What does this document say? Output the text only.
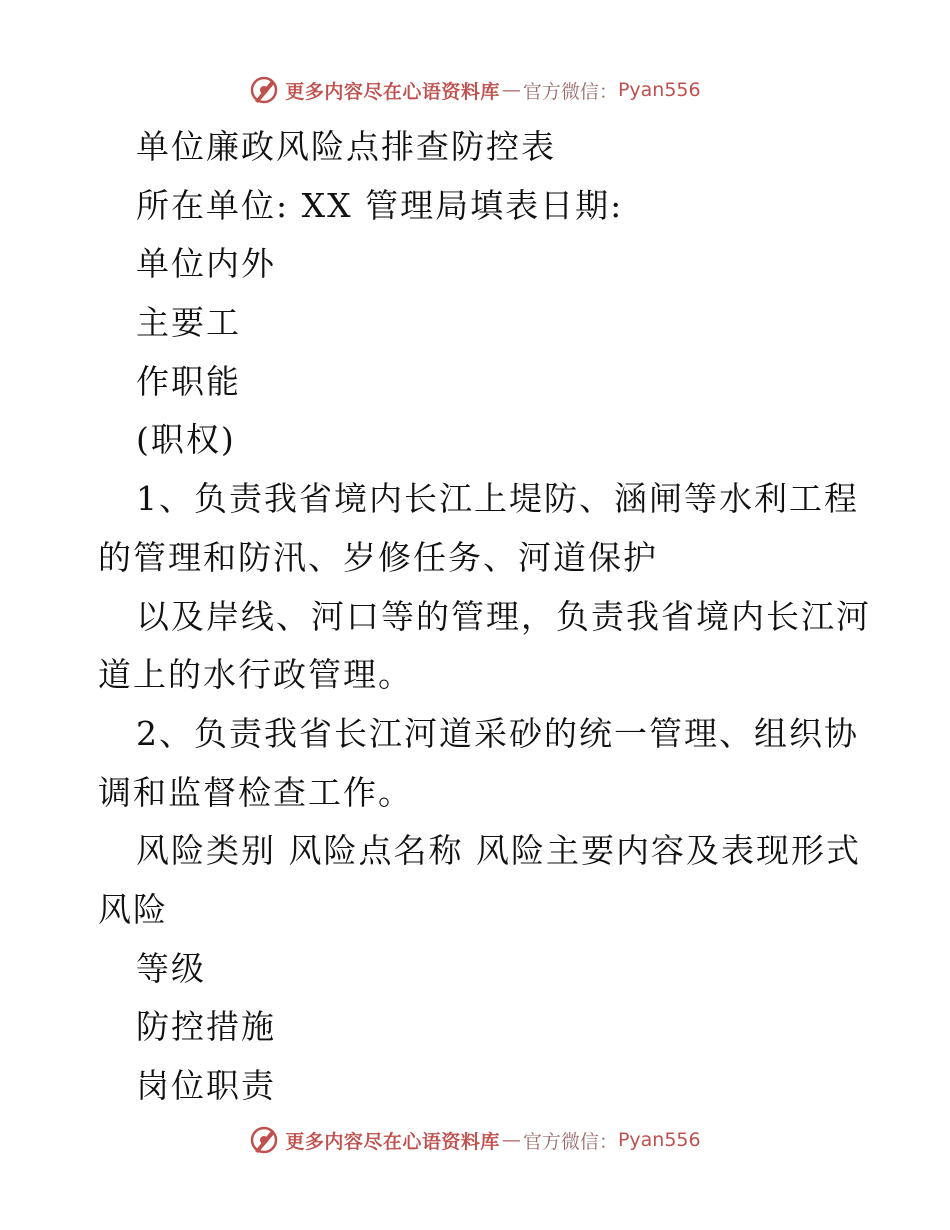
更多内容尽在心语资料库 — 官方微信： Pyan556
单位廉政风险点排查防控表
所在单位: XX 管理局填表日期:
单位内外
主要工
作职能
(职权)
1、负责我省境内长江上堤防、涵闸等水利工程
的管理和防汛、岁修任务、河道保护
以及岸线、河口等的管理，负责我省境内长江河
道上的水行政管理。
2、负责我省长江河道采砂的统一管理、组织协
调和监督检查工作。
风险类别 风险点名称 风险主要内容及表现形式
风险
等级
防控措施
岗位职责
更多内容尽在心语资料库 — 官方微信： Pyan556
